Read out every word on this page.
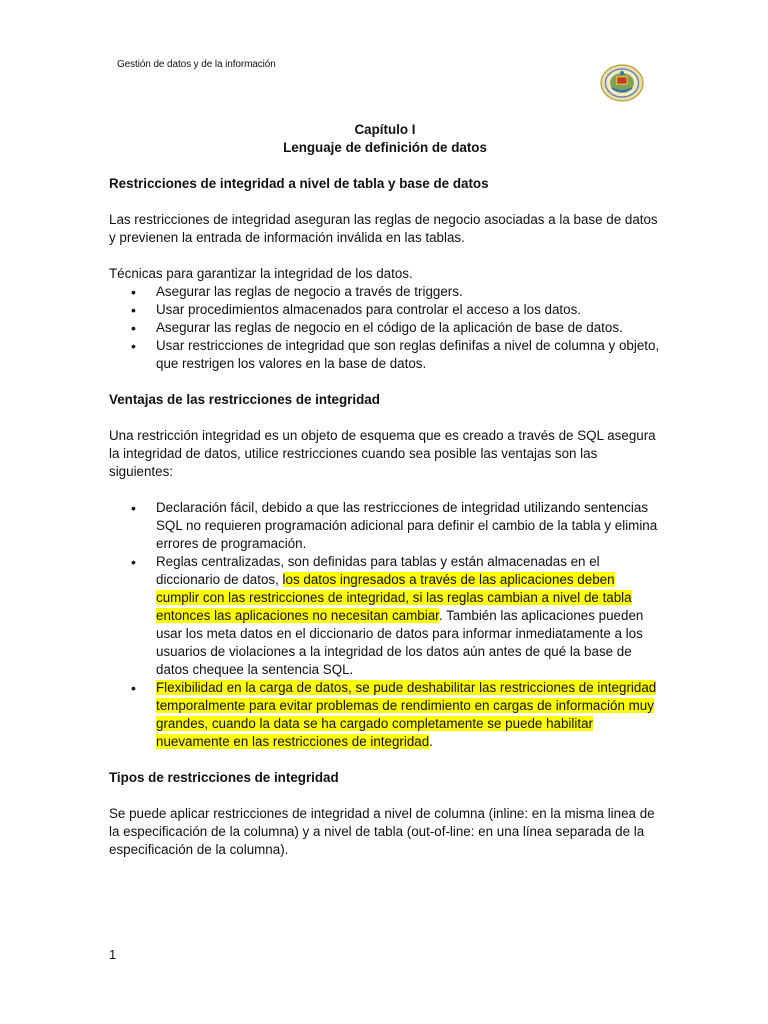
Gestión de datos y de la información
Capítulo I
Lenguaje de definición de datos
Restricciones de integridad a nivel de tabla y base de datos
Las restricciones de integridad aseguran las reglas de negocio asociadas a la base de datos y previenen la entrada de información inválida en las tablas.
Técnicas para garantizar la integridad de los datos.
• Asegurar las reglas de negocio a través de triggers.
• Usar procedimientos almacenados para controlar el acceso a los datos.
• Asegurar las reglas de negocio en el código de la aplicación de base de datos.
• Usar restricciones de integridad que son reglas definifas a nivel de columna y objeto, que restrigen los valores en la base de datos.
Ventajas de las restricciones de integridad
Una restricción integridad es un objeto de esquema que es creado a través de SQL asegura la integridad de datos, utilice restricciones cuando sea posible las ventajas son las siguientes:
• Declaración fácil, debido a que las restricciones de integridad utilizando sentencias SQL no requieren programación adicional para definir el cambio de la tabla y elimina errores de programación.
• Reglas centralizadas, son definidas para tablas y están almacenadas en el diccionario de datos, los datos ingresados a través de las aplicaciones deben cumplir con las restricciones de integridad, si las reglas cambian a nivel de tabla entonces las aplicaciones no necesitan cambiar. También las aplicaciones pueden usar los meta datos en el diccionario de datos para informar inmediatamente a los usuarios de violaciones a la integridad de los datos aún antes de qué la base de datos chequee la sentencia SQL.
• Flexibilidad en la carga de datos, se pude deshabilitar las restricciones de integridad temporalmente para evitar problemas de rendimiento en cargas de información muy grandes, cuando la data se ha cargado completamente se puede habilitar nuevamente en las restricciones de integridad.
Tipos de restricciones de integridad
Se puede aplicar restricciones de integridad a nivel de columna (inline: en la misma linea de la especificación de la columna) y a nivel de tabla (out-of-line: en una línea separada de la especificación de la columna).
1
